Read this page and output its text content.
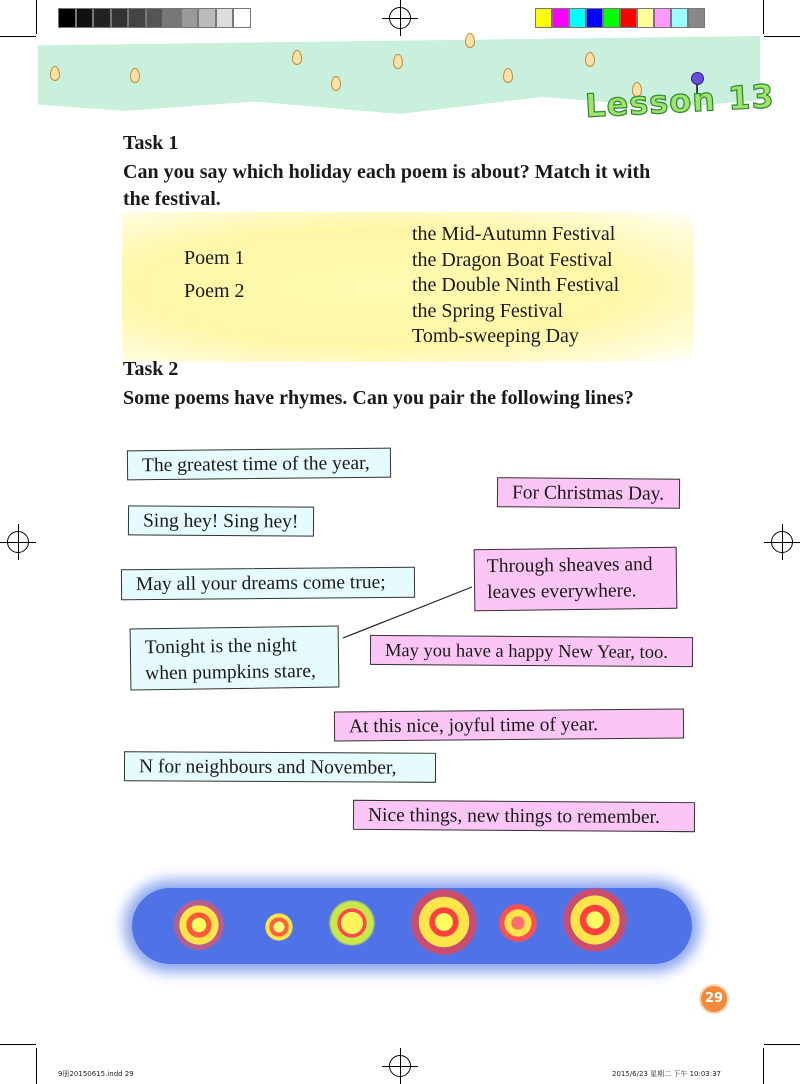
Lesson 13
Task 1
Can you say which holiday each poem is about? Match it with
the festival.
Poem 1
Poem 2
the Mid-Autumn Festival
the Dragon Boat Festival
the Double Ninth Festival
the Spring Festival
Tomb-sweeping Day
Task 2
Some poems have rhymes. Can you pair the following lines?
The greatest time of the year,
Sing hey! Sing hey!
May all your dreams come true;
Tonight is the night
when pumpkins stare,
N for neighbours and November,
For Christmas Day.
Through sheaves and
leaves everywhere.
May you have a happy New Year, too.
At this nice, joyful time of year.
Nice things, new things to remember.
29
9册20150615.indd 29	2015/6/23 星期二 下午 10:03:37
